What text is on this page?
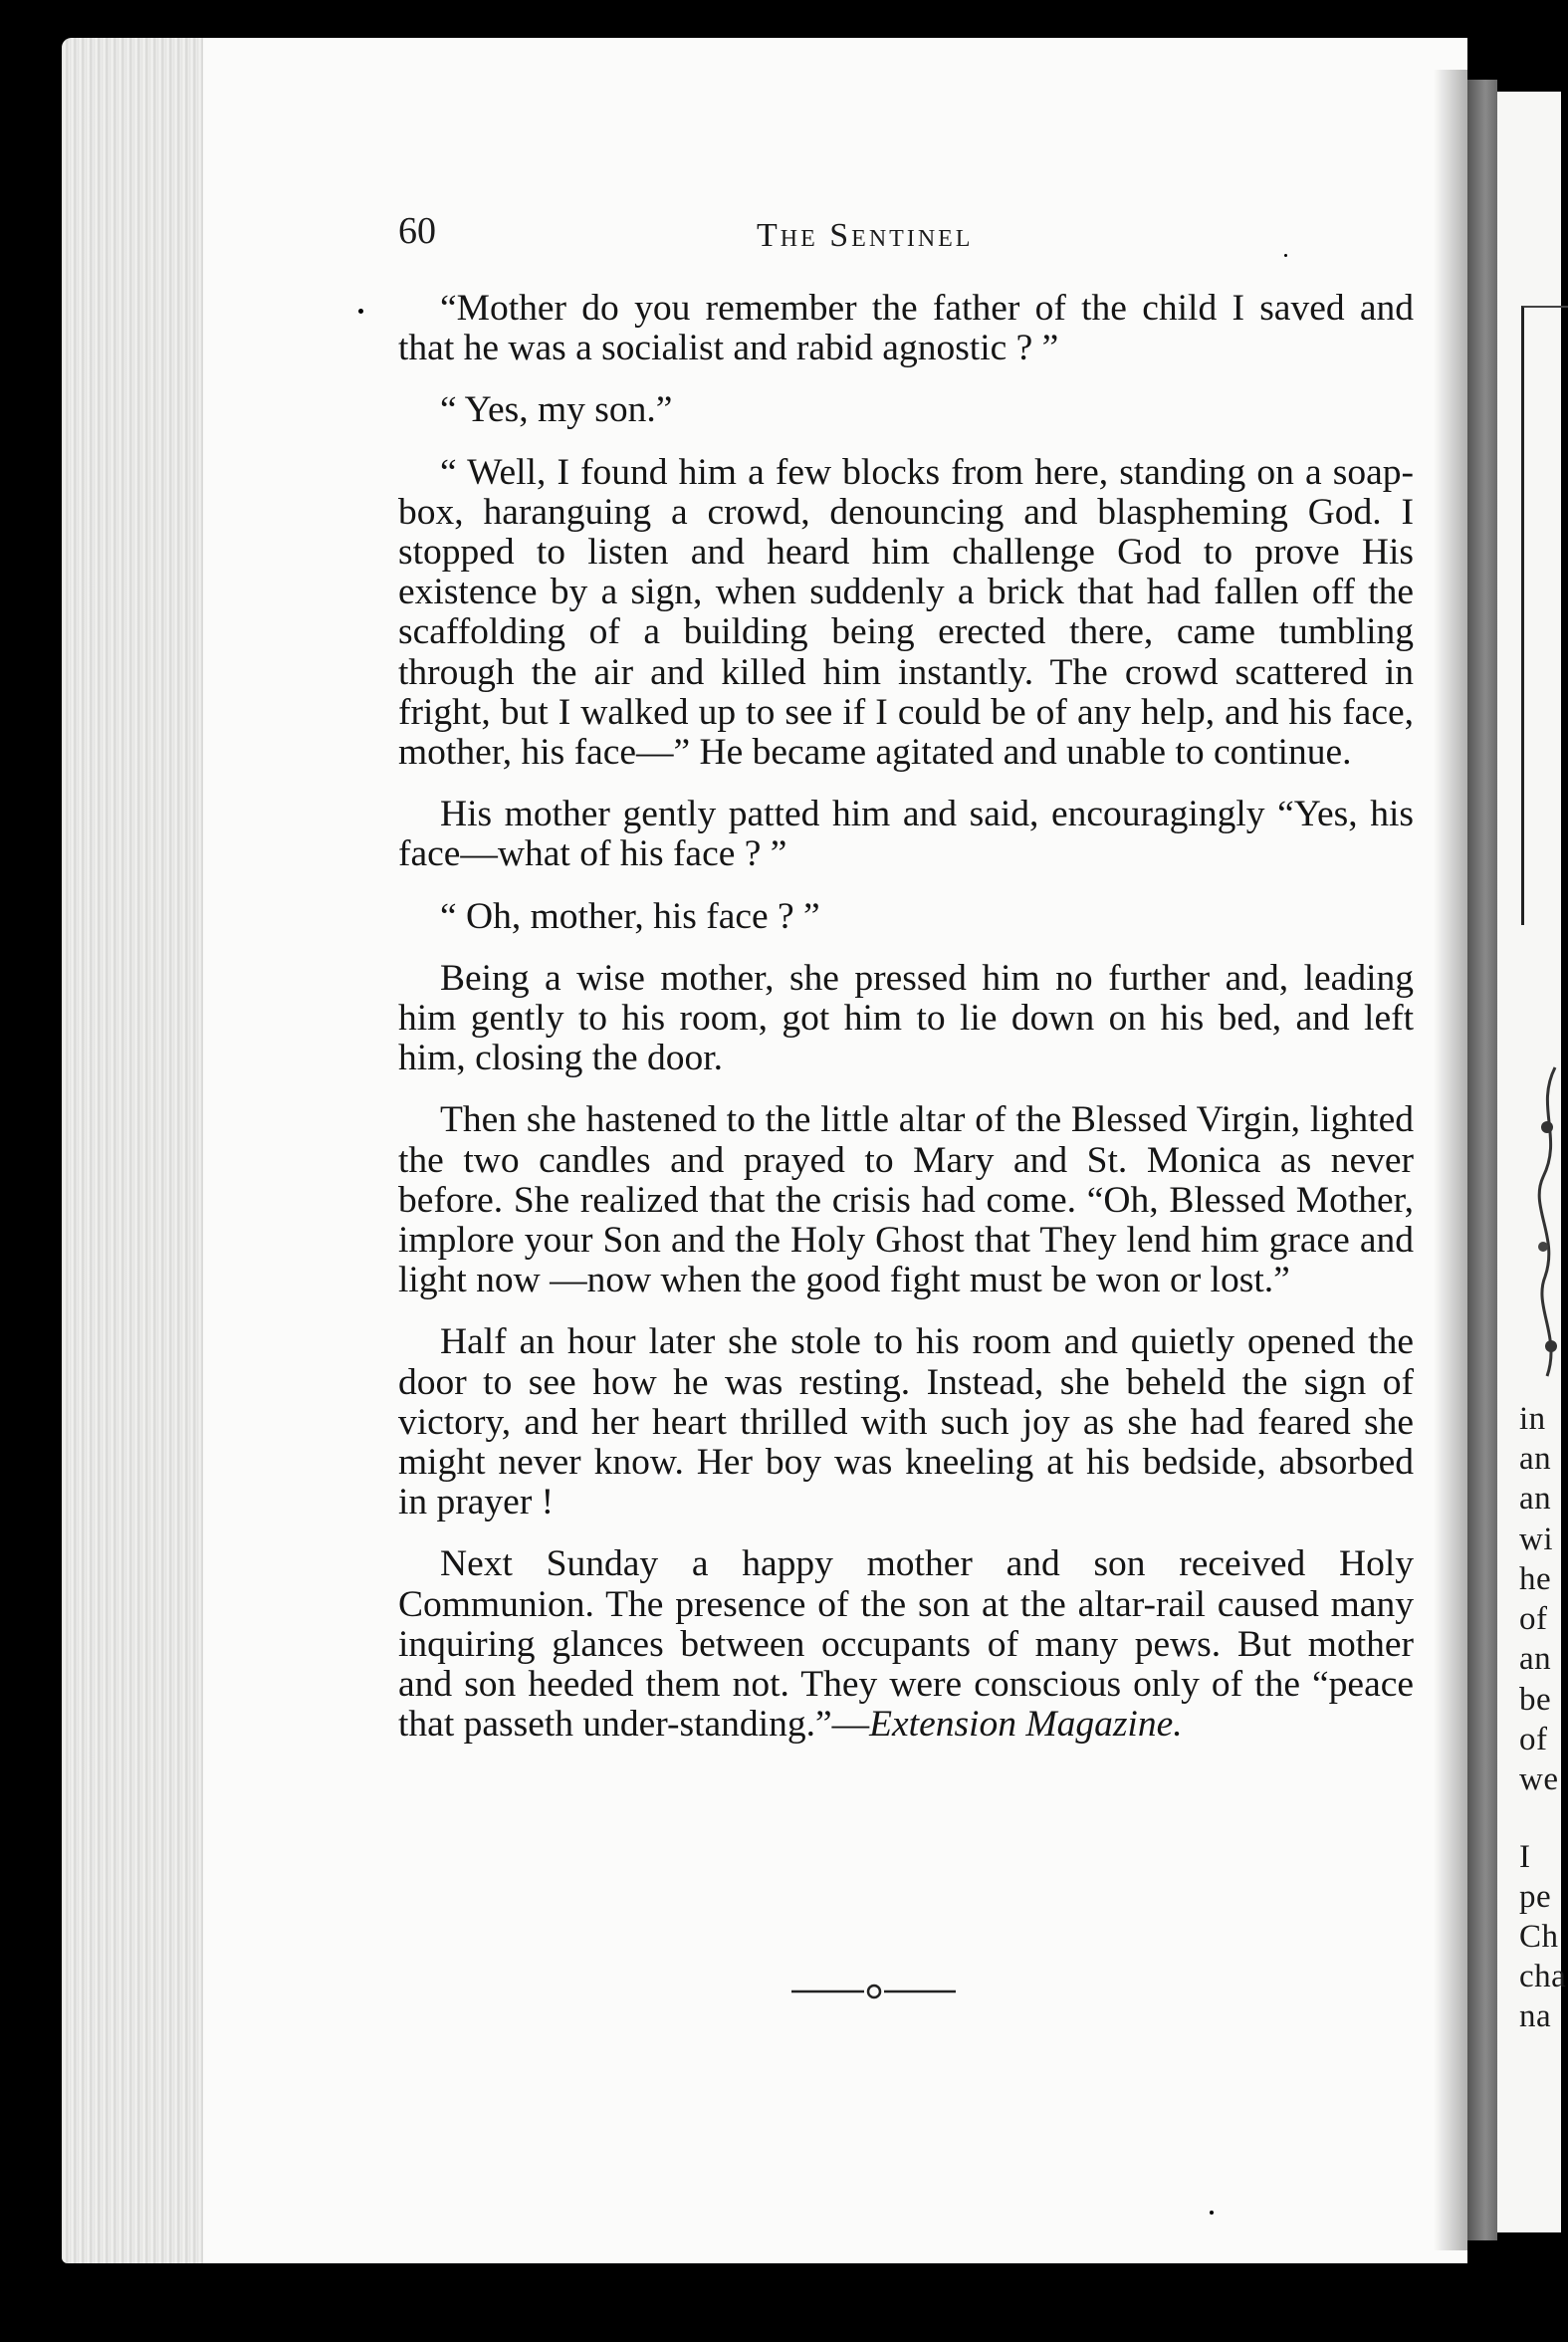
in
an
an
wi
he
of
an
be
of
we
I
pe
Ch
cha
na
60	The Sentinel

“Mother do you remember the father of the child I saved and that he was a socialist and rabid agnostic ? ”

“ Yes, my son.”

“ Well, I found him a few blocks from here, standing on a soap-box, haranguing a crowd, denouncing and blaspheming God. I stopped to listen and heard him challenge God to prove His existence by a sign, when suddenly a brick that had fallen off the scaffolding of a building being erected there, came tumbling through the air and killed him instantly. The crowd scattered in fright, but I walked up to see if I could be of any help, and his face, mother, his face—” He became agitated and unable to continue.

His mother gently patted him and said, encouragingly “Yes, his face—what of his face ? ”

“ Oh, mother, his face ? ”

Being a wise mother, she pressed him no further and, leading him gently to his room, got him to lie down on his bed, and left him, closing the door.

Then she hastened to the little altar of the Blessed Virgin, lighted the two candles and prayed to Mary and St. Monica as never before. She realized that the crisis had come. “Oh, Blessed Mother, implore your Son and the Holy Ghost that They lend him grace and light now —now when the good fight must be won or lost.”

Half an hour later she stole to his room and quietly opened the door to see how he was resting. Instead, she beheld the sign of victory, and her heart thrilled with such joy as she had feared she might never know. Her boy was kneeling at his bedside, absorbed in prayer !

Next Sunday a happy mother and son received Holy Communion. The presence of the son at the altar-rail caused many inquiring glances between occupants of many pews. But mother and son heeded them not. They were conscious only of the “peace that passeth under-standing.”—Extension Magazine.
